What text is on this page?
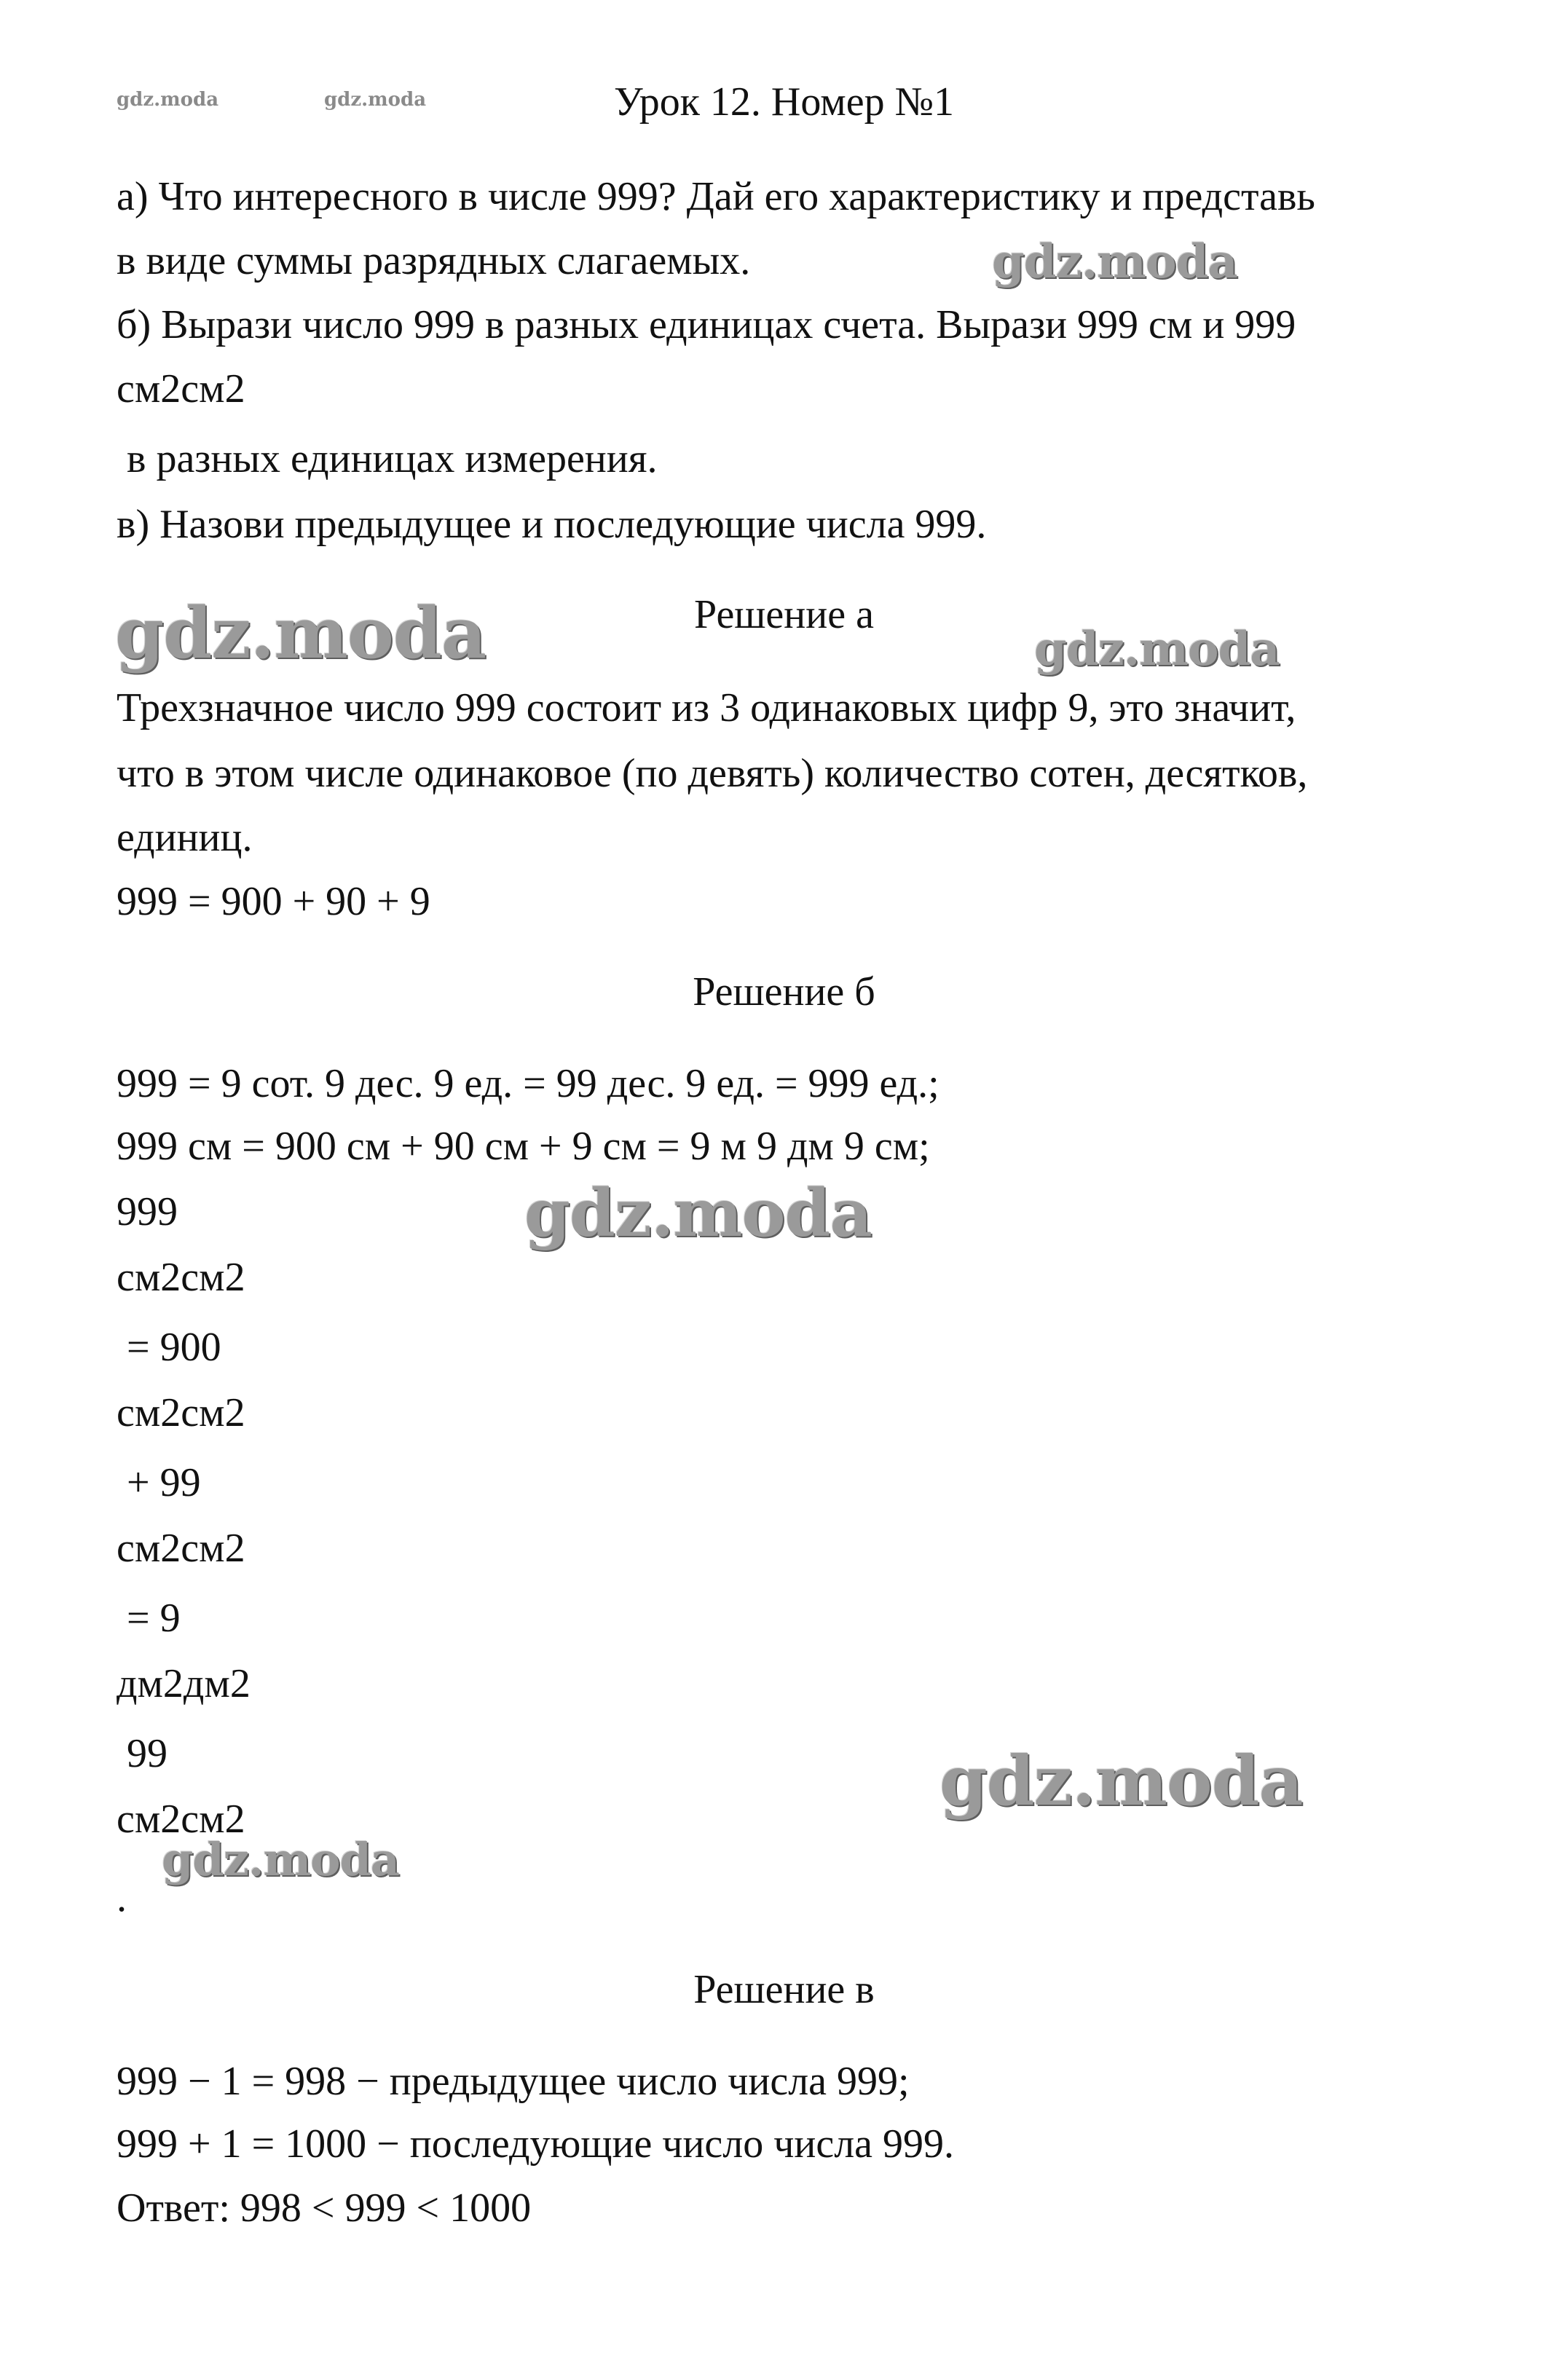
gdz.moda	gdz.moda	Урок 12. Номер №1
а) Что интересного в числе 999? Дай его характеристику и представь
в виде суммы разрядных слагаемых.
б) Вырази число 999 в разных единицах счета. Вырази 999 см и 999
см2см2
в разных единицах измерения.
в) Назови предыдущее и последующие числа 999.
Решение а
Трехзначное число 999 состоит из 3 одинаковых цифр 9, это значит,
что в этом числе одинаковое (по девять) количество сотен, десятков,
единиц.
999 = 900 + 90 + 9
Решение б
999 = 9 сот. 9 дес. 9 ед. = 99 дес. 9 ед. = 999 ед.;
999 см = 900 см + 90 см + 9 см = 9 м 9 дм 9 см;
999
см2см2
= 900
см2см2
+ 99
см2см2
= 9
дм2дм2
99
см2см2
.
Решение в
999 − 1 = 998 − предыдущее число числа 999;
999 + 1 = 1000 − последующие число числа 999.
Ответ: 998 < 999 < 1000
gdz.moda
gdz.moda	gdz.moda
gdz.moda
gdz.moda
gdz.moda
